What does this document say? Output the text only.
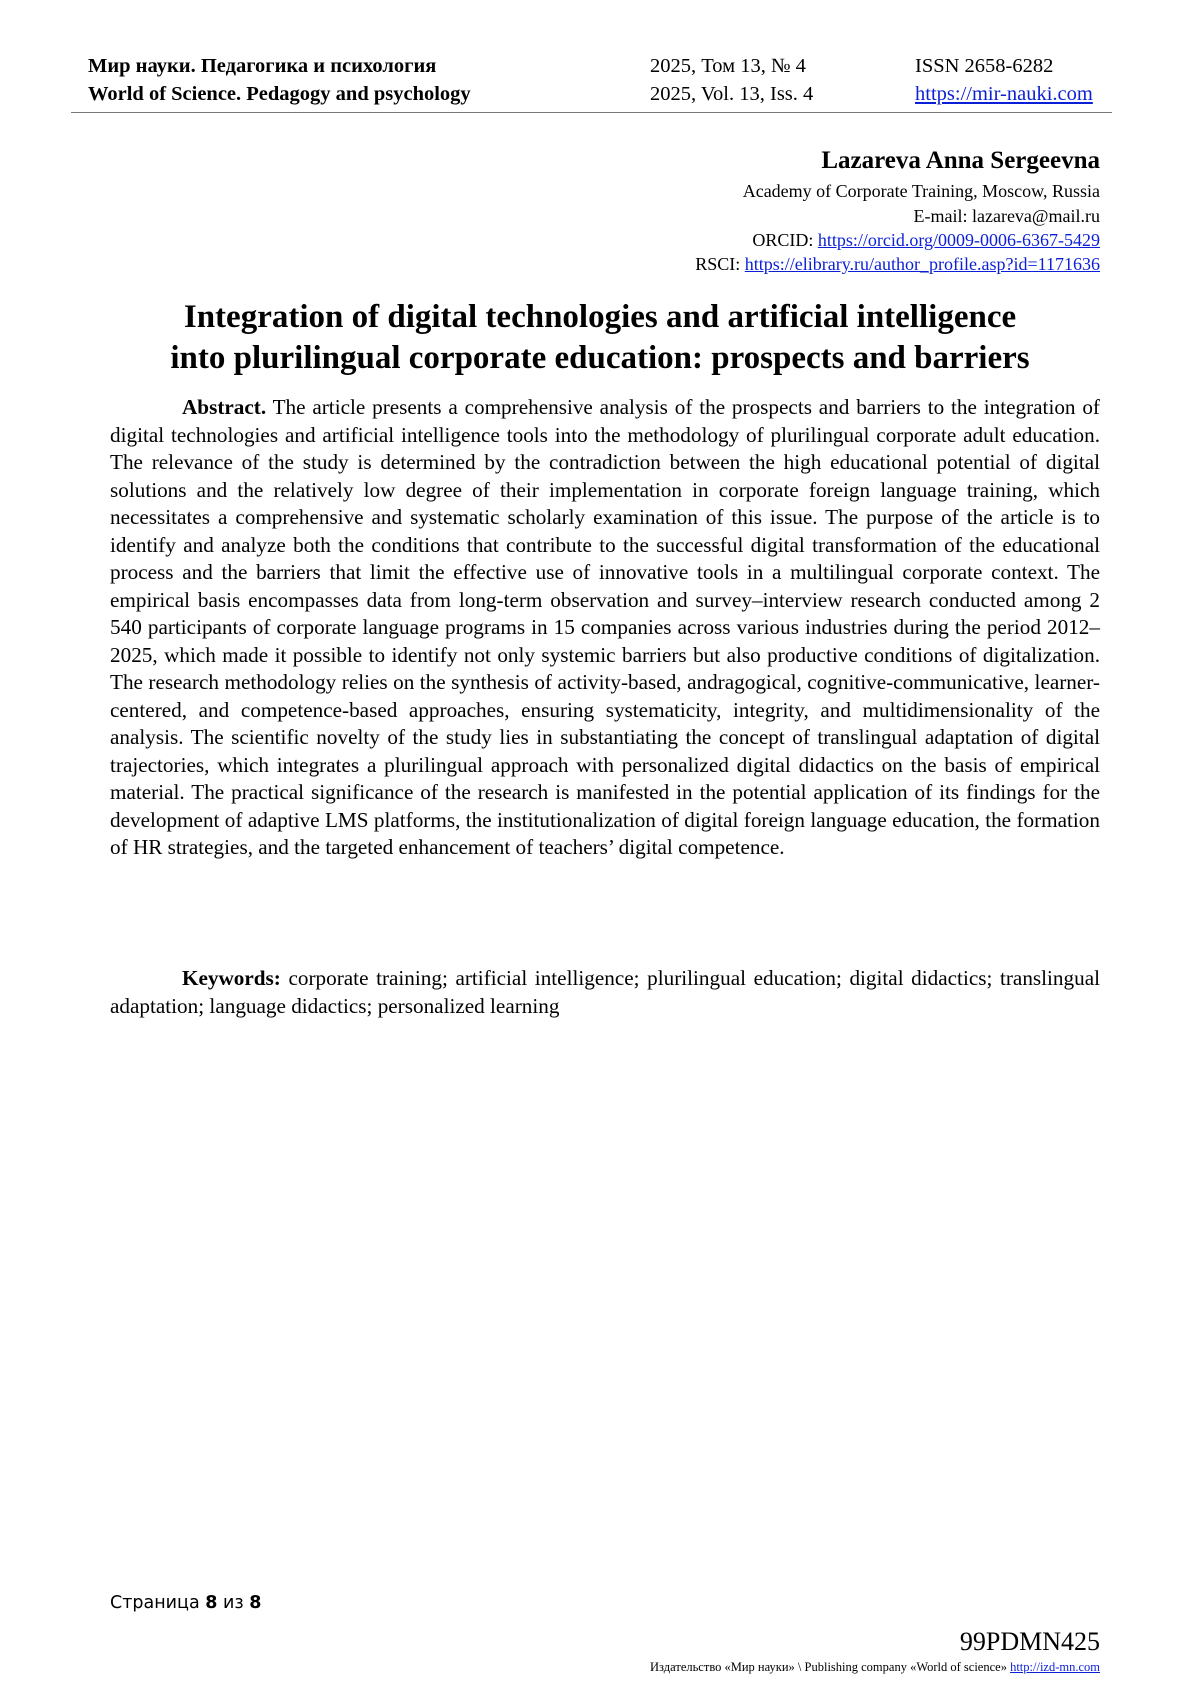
Мир науки. Педагогика и психология	2025, Том 13, № 4	ISSN 2658-6282
World of Science. Pedagogy and psychology	2025, Vol. 13, Iss. 4	https://mir-nauki.com
Lazareva Anna Sergeevna
Academy of Corporate Training, Moscow, Russia
E-mail: lazareva@mail.ru
ORCID: https://orcid.org/0009-0006-6367-5429
RSCI: https://elibrary.ru/author_profile.asp?id=1171636
Integration of digital technologies and artificial intelligence
into plurilingual corporate education: prospects and barriers

Abstract. The article presents a comprehensive analysis of the prospects and barriers to the integration of digital technologies and artificial intelligence tools into the methodology of plurilingual corporate adult education. The relevance of the study is determined by the contradiction between the high educational potential of digital solutions and the relatively low degree of their implementation in corporate foreign language training, which necessitates a comprehensive and systematic scholarly examination of this issue. The purpose of the article is to identify and analyze both the conditions that contribute to the successful digital transformation of the educational process and the barriers that limit the effective use of innovative tools in a multilingual corporate context. The empirical basis encompasses data from long-term observation and survey–interview research conducted among 2 540 participants of corporate language programs in 15 companies across various industries during the period 2012–2025, which made it possible to identify not only systemic barriers but also productive conditions of digitalization. The research methodology relies on the synthesis of activity-based, andragogical, cognitive-communicative, learner-centered, and competence-based approaches, ensuring systematicity, integrity, and multidimensionality of the analysis. The scientific novelty of the study lies in substantiating the concept of translingual adaptation of digital trajectories, which integrates a plurilingual approach with personalized digital didactics on the basis of empirical material. The practical significance of the research is manifested in the potential application of its findings for the development of adaptive LMS platforms, the institutionalization of digital foreign language education, the formation of HR strategies, and the targeted enhancement of teachers’ digital competence.

Keywords: corporate training; artificial intelligence; plurilingual education; digital didactics; translingual adaptation; language didactics; personalized learning

Страница 8 из 8
99PDMN425
Издательство «Мир науки» \ Publishing company «World of science» http://izd-mn.com
